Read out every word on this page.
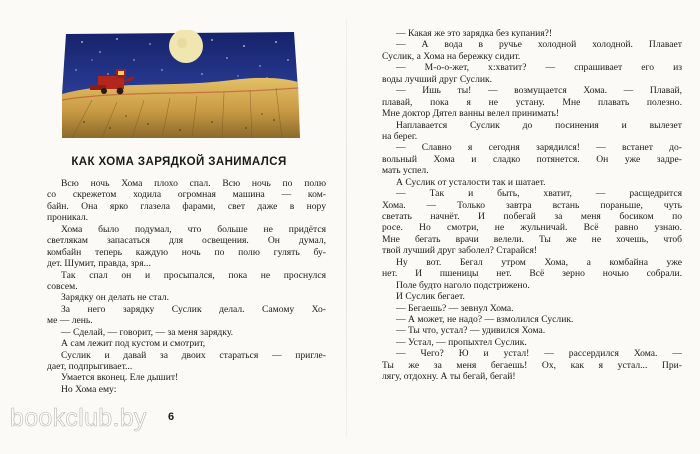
КАК ХОМА ЗАРЯДКОЙ ЗАНИМАЛСЯ
Всю ночь Хома плохо спал. Всю ночь по полю
со скрежетом ходила огромная машина — ком-
байн. Она ярко глазела фарами, свет даже в нору
проникал.
Хома было подумал, что больше не придётся
светлякам запасаться для освещения. Он думал,
комбайн теперь каждую ночь по полю гулять бу-
дет. Шумит, правда, зря...
Так спал он и просыпался, пока не проснулся
совсем.
Зарядку он делать не стал.
За него зарядку Суслик делал. Самому Хо-
ме — лень.
— Сделай, — говорит, — за меня зарядку.
А сам лежит под кустом и смотрит,
Суслик и давай за двоих стараться — пригле-
дает, подпрыгивает...
Умается вконец. Еле дышит!
Но Хома ему:
6
— Какая же это зарядка без купания?!
— А вода в ручье холодной холодной. Плавает
Суслик, а Хома на бережку сидит.
— М-о-о-жет, х:хватит? — спрашивает его из
воды лучший друг Суслик.
— Ишь ты! — возмущается Хома. — Плавай,
плавай, пока я не устану. Мне плавать полезно.
Мне доктор Дятел ванны велел принимать!
Наплавается Суслик до посинения и вылезет
на берег.
— Славно я сегодня зарядился! — встанет до-
вольный Хома и сладко потянется. Он уже задре-
мать успел.
А Суслик от усталости так и шатает.
— Так и быть, хватит, — расщедрится
Хома. — Только завтра встань пораньше, чуть
светать начнёт. И побегай за меня босиком по
росе. Но смотри, не жульничай. Всё равно узнаю.
Мне бегать врачи велели. Ты же не хочешь, чтоб
твой лучший друг заболел? Старайся!
Ну вот. Бегал утром Хома, а комбайна уже
нет. И пшеницы нет. Всё зерно ночью собрали.
Поле будто наголо подстрижено.
И Суслик бегает.
— Бегаешь? — зевнул Хома.
— А может, не надо? — взмолился Суслик.
— Ты что, устал? — удивился Хома.
— Устал, — пропыхтел Суслик.
— Чего? Ю и устал! — рассердился Хома. —
Ты же за меня бегаешь! Ох, как я устал... При-
лягу, отдохну. А ты бегай, бегай!
bookclub.by
